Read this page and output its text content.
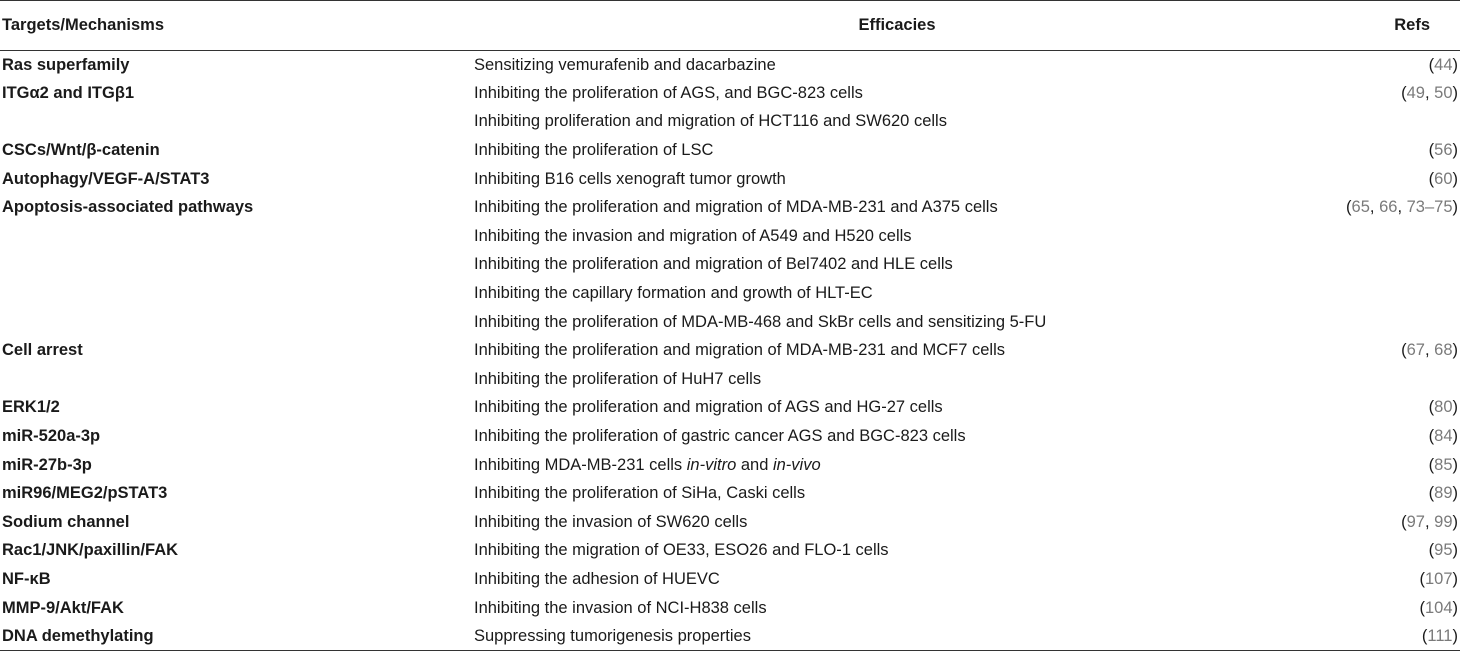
Targets/Mechanisms	Efficacies	Refs
Ras superfamily	Sensitizing vemurafenib and dacarbazine	(44)
ITGα2 and ITGβ1	Inhibiting the proliferation of AGS, and BGC-823 cells	(49, 50)
	Inhibiting proliferation and migration of HCT116 and SW620 cells	
CSCs/Wnt/β-catenin	Inhibiting the proliferation of LSC	(56)
Autophagy/VEGF-A/STAT3	Inhibiting B16 cells xenograft tumor growth	(60)
Apoptosis-associated pathways	Inhibiting the proliferation and migration of MDA-MB-231 and A375 cells	(65, 66, 73–75)
	Inhibiting the invasion and migration of A549 and H520 cells	
	Inhibiting the proliferation and migration of Bel7402 and HLE cells	
	Inhibiting the capillary formation and growth of HLT-EC	
	Inhibiting the proliferation of MDA-MB-468 and SkBr cells and sensitizing 5-FU	
Cell arrest	Inhibiting the proliferation and migration of MDA-MB-231 and MCF7 cells	(67, 68)
	Inhibiting the proliferation of HuH7 cells	
ERK1/2	Inhibiting the proliferation and migration of AGS and HG-27 cells	(80)
miR-520a-3p	Inhibiting the proliferation of gastric cancer AGS and BGC-823 cells	(84)
miR-27b-3p	Inhibiting MDA-MB-231 cells in-vitro and in-vivo	(85)
miR96/MEG2/pSTAT3	Inhibiting the proliferation of SiHa, Caski cells	(89)
Sodium channel	Inhibiting the invasion of SW620 cells	(97, 99)
Rac1/JNK/paxillin/FAK	Inhibiting the migration of OE33, ESO26 and FLO-1 cells	(95)
NF-κB	Inhibiting the adhesion of HUEVC	(107)
MMP-9/Akt/FAK	Inhibiting the invasion of NCI-H838 cells	(104)
DNA demethylating	Suppressing tumorigenesis properties	(111)
